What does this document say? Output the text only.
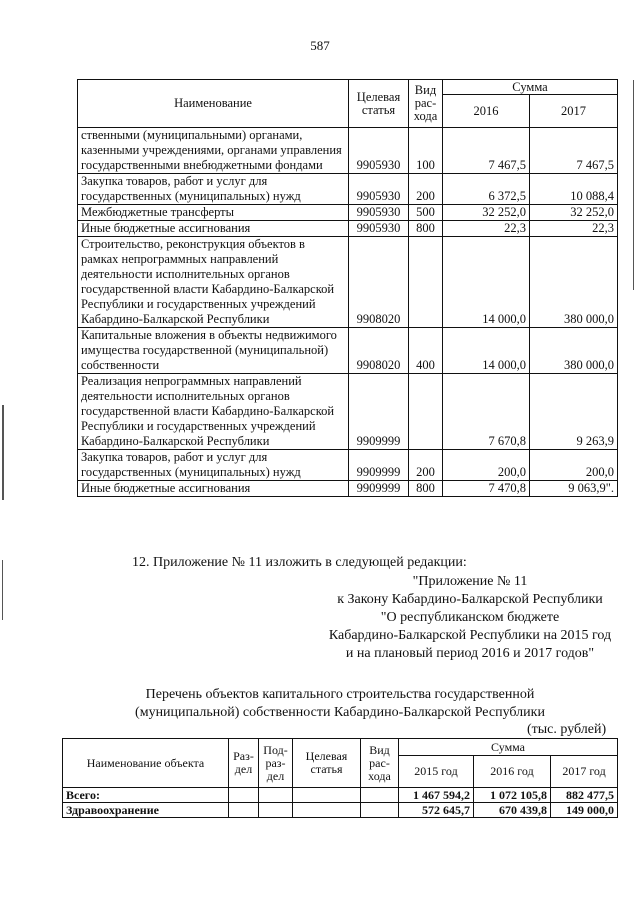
587
Наименование	Целевая статья	Вид рас-хода	Сумма	
			2016	2017
ственными (муниципальными) органами, казенными учреждениями, органами управления государственными внебюджетными фондами	9905930	100	7 467,5	7 467,5
Закупка товаров, работ и услуг для государственных (муниципальных) нужд	9905930	200	6 372,5	10 088,4
Межбюджетные трансферты	9905930	500	32 252,0	32 252,0
Иные бюджетные ассигнования	9905930	800	22,3	22,3
Строительство, реконструкция объектов в рамках непрограммных направлений деятельности исполнительных органов государственной власти Кабардино-Балкарской Республики и государственных учреждений Кабардино-Балкарской Республики	9908020		14 000,0	380 000,0
Капитальные вложения в объекты недвижимого имущества государственной (муниципальной) собственности	9908020	400	14 000,0	380 000,0
Реализация непрограммных направлений деятельности исполнительных органов государственной власти Кабардино-Балкарской Республики и государственных учреждений Кабардино-Балкарской Республики	9909999		7 670,8	9 263,9
Закупка товаров, работ и услуг для государственных (муниципальных) нужд	9909999	200	200,0	200,0
Иные бюджетные ассигнования	9909999	800	7 470,8	9 063,9".
12. Приложение № 11 изложить в следующей редакции:
"Приложение № 11
к Закону Кабардино-Балкарской Республики
"О республиканском бюджете
Кабардино-Балкарской Республики на 2015 год
и на плановый период 2016 и 2017 годов"
Перечень объектов капитального строительства государственной
(муниципальной) собственности Кабардино-Балкарской Республики
(тыс. рублей)
Наименование объекта	Раз-дел	Под-раз-дел	Целевая статья	Вид рас-хода	Сумма		
					2015 год	2016 год	2017 год
Всего:					1 467 594,2	1 072 105,8	882 477,5
Здравоохранение					572 645,7	670 439,8	149 000,0
